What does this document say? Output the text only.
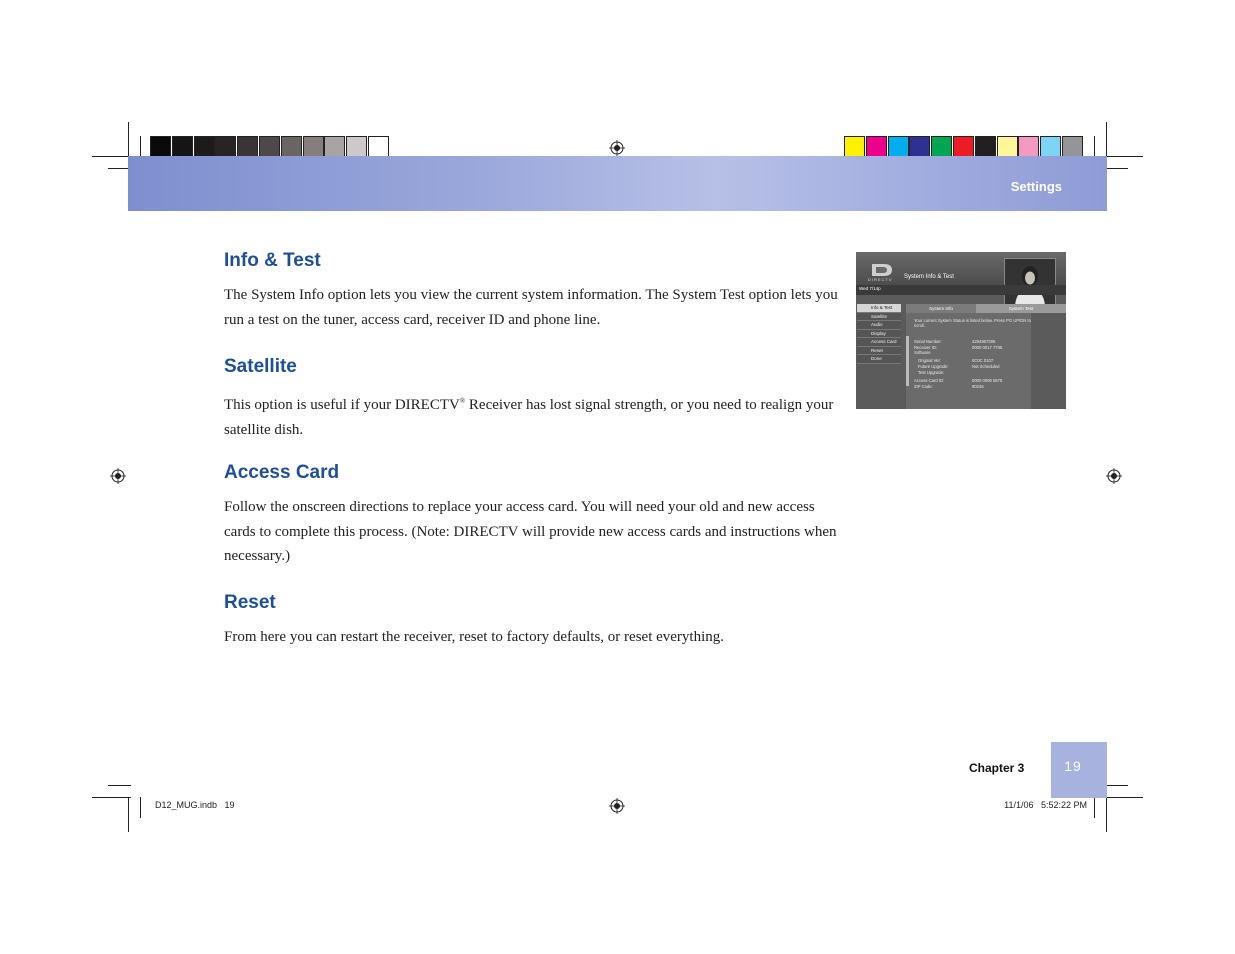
Settings
Info & Test

The System Info option lets you view the current system information. The System Test option lets you run a test on the tuner, access card, receiver ID and phone line.

Satellite

This option is useful if your DIRECTV® Receiver has lost signal strength, or you need to realign your satellite dish.

Access Card

Follow the onscreen directions to replace your access card. You will need your old and new access cards to complete this process. (Note: DIRECTV will provide new access cards and instructions when necessary.)

Reset

From here you can restart the receiver, reset to factory defaults, or reset everything.

DIRECTV System Info & Test
Wed 7/14p
Info & Test
Satellite
Audio
Display
Access Card
Reset
Done
System Info	System Test
Your current System Status is listed below. Press PG UP/DN to scroll.
Serial Number:	4294967295
Receiver ID:	0000 0017 7705
Software
Original Ver:	0C0C 0107
Future Upgrade:	Not Scheduled
Test Upgrade:
Access Card ID:	0000 0006 5875
ZIP Code:	90245
19
Chapter 3
D12_MUG.indb   19	11/1/06   5:52:22 PM
